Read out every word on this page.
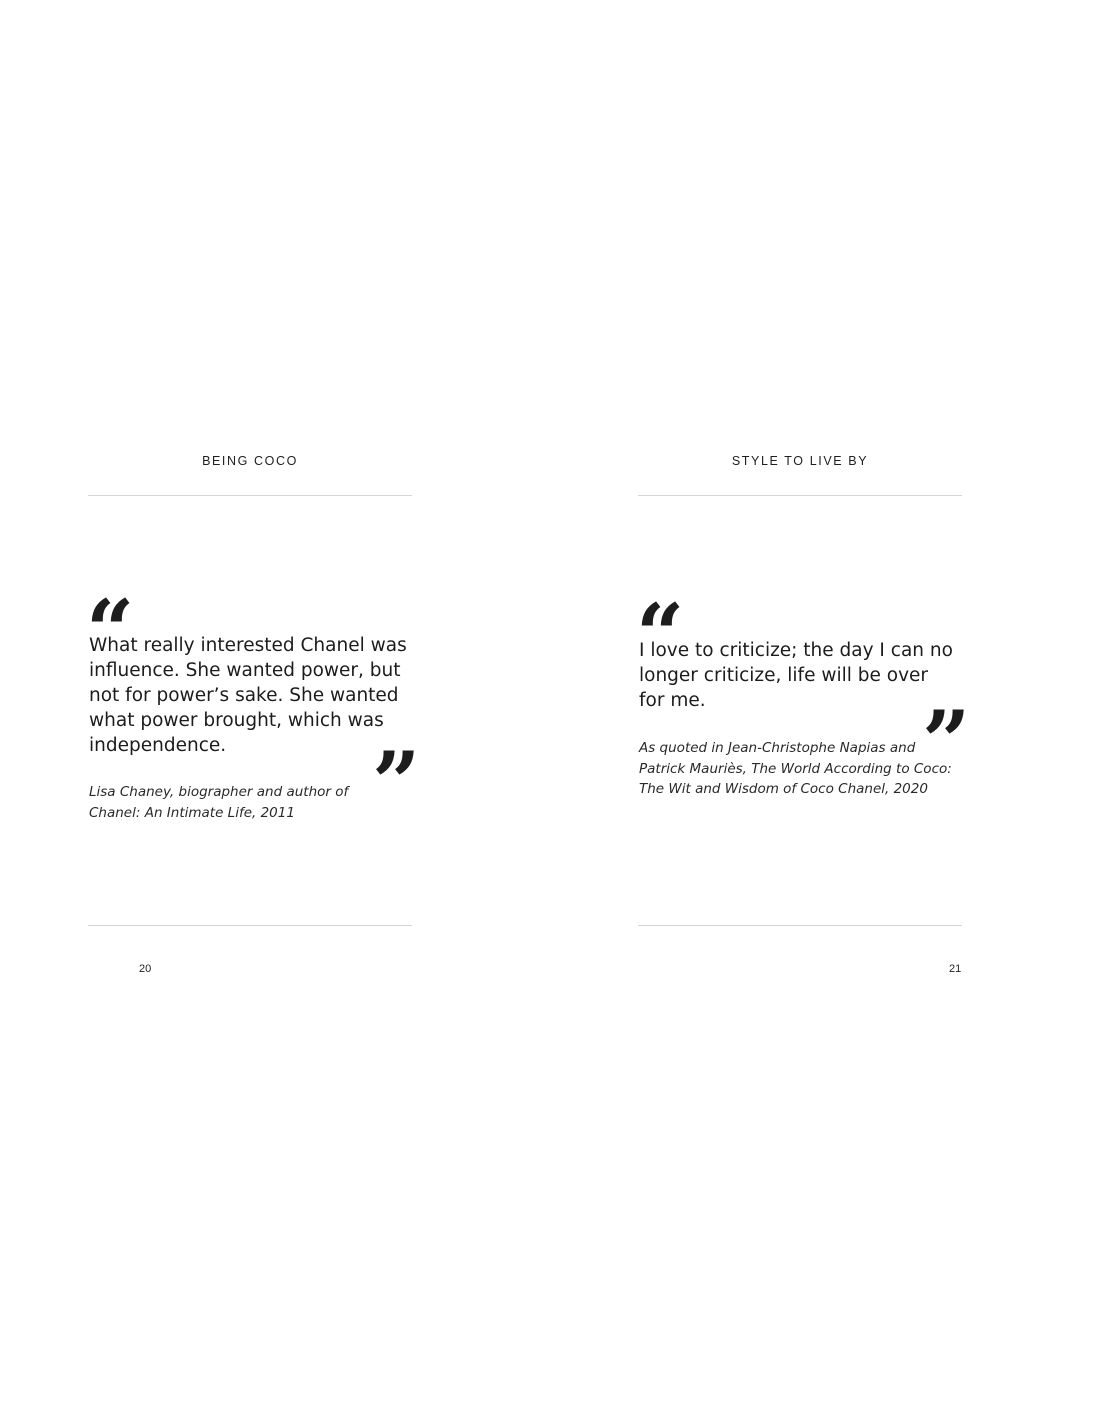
BEING COCO
“

What really interested Chanel was influence. She wanted power, but not for power’s sake. She wanted what power brought, which was independence.	”

Lisa Chaney, biographer and author of Chanel: An Intimate Life, 2011

20
STYLE TO LIVE BY
“

I love to criticize; the day I can no longer criticize, life will be over for me.	”

As quoted in Jean-Christophe Napias and Patrick Mauriès, The World According to Coco: The Wit and Wisdom of Coco Chanel, 2020

21
